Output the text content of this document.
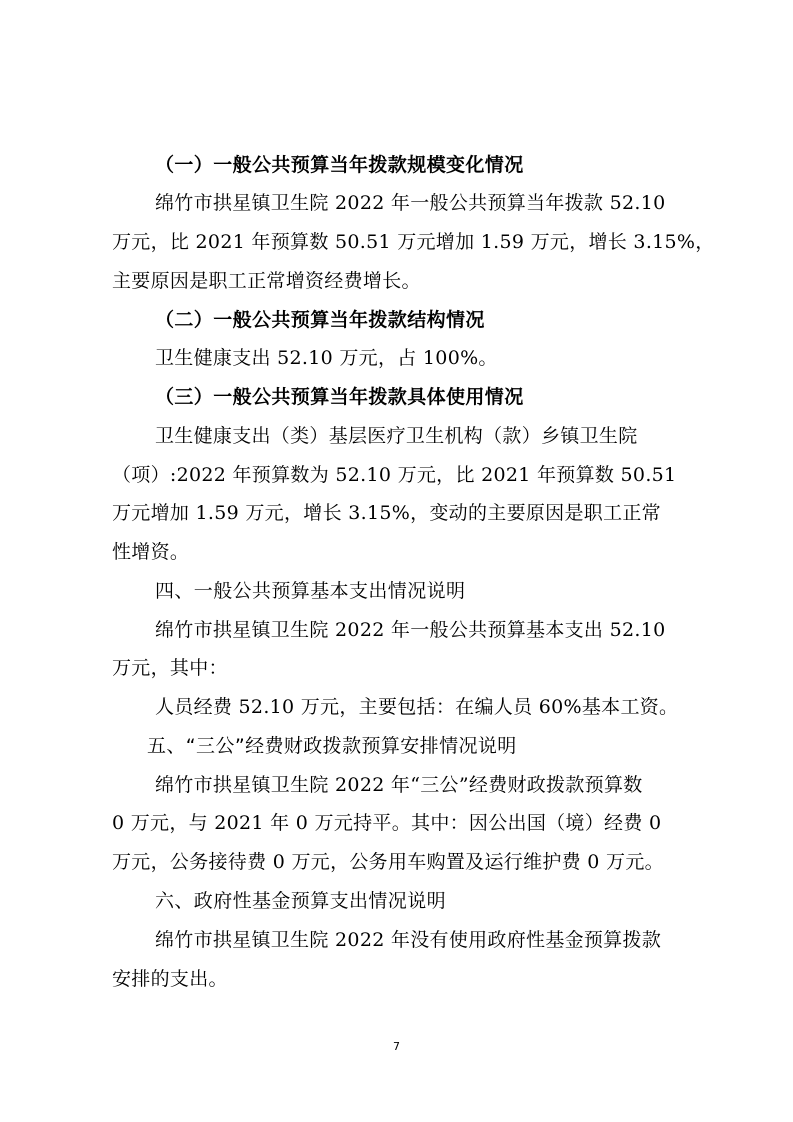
（一）一般公共预算当年拨款规模变化情况
绵竹市拱星镇卫生院 2022 年一般公共预算当年拨款 52.10
万元，比 2021 年预算数 50.51 万元增加 1.59 万元，增长 3.15%，
主要原因是职工正常增资经费增长。
（二）一般公共预算当年拨款结构情况
卫生健康支出 52.10 万元，占 100%。
（三）一般公共预算当年拨款具体使用情况
卫生健康支出（类）基层医疗卫生机构（款）乡镇卫生院
（项）:2022 年预算数为 52.10 万元，比 2021 年预算数 50.51
万元增加 1.59 万元，增长 3.15%，变动的主要原因是职工正常
性增资。
四、一般公共预算基本支出情况说明
绵竹市拱星镇卫生院 2022 年一般公共预算基本支出 52.10
万元，其中：
人员经费 52.10 万元，主要包括：在编人员 60%基本工资。
五、“三公”经费财政拨款预算安排情况说明
绵竹市拱星镇卫生院 2022 年“三公”经费财政拨款预算数
0 万元，与 2021 年 0 万元持平。其中：因公出国（境）经费 0
万元，公务接待费 0 万元，公务用车购置及运行维护费 0 万元。
六、政府性基金预算支出情况说明
绵竹市拱星镇卫生院 2022 年没有使用政府性基金预算拨款
安排的支出。
7
